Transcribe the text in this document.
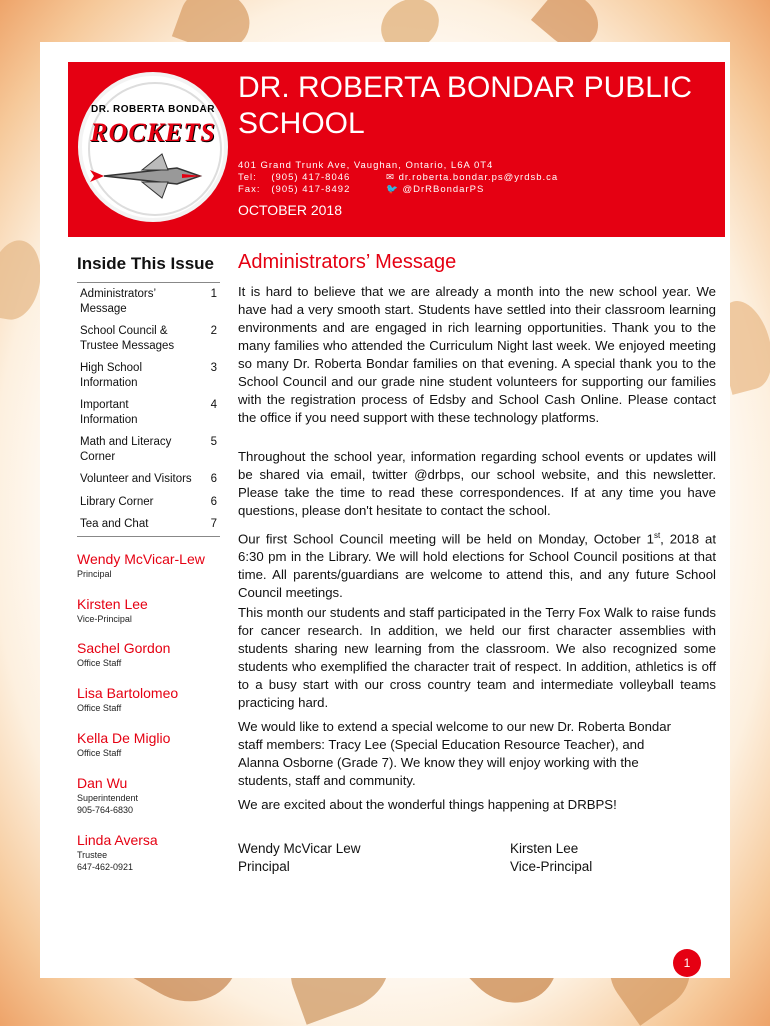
DR. ROBERTA BONDAR
ROCKETS
DR. ROBERTA BONDAR PUBLIC SCHOOL
401 Grand Trunk Ave, Vaughan, Ontario, L6A 0T4
Tel:    (905) 417-8046
Fax:   (905) 417-8492
✉ dr.roberta.bondar.ps@yrdsb.ca
🐦 @DrRBondarPS
OCTOBER 2018
Inside This Issue
Administrators’ Message
1
School Council & Trustee Messages
2
High School Information
3
Important Information
4
Math and Literacy Corner
5
Volunteer and Visitors	6
Library Corner	6
Tea and Chat	7
Wendy McVicar-Lew
Principal
Kirsten Lee
Vice-Principal
Sachel Gordon
Office Staff
Lisa Bartolomeo
Office Staff
Kella De Miglio
Office Staff
Dan Wu
Superintendent
905-764-6830
Linda Aversa
Trustee
647-462-0921
Administrators’ Message
It is hard to believe that we are already a month into the new school year. We have had a very smooth start. Students have settled into their classroom learning environments and are engaged in rich learning opportunities. Thank you to the many families who attended the Curriculum Night last week. We enjoyed meeting so many Dr. Roberta Bondar families on that evening. A special thank you to the School Council and our grade nine student volunteers for supporting our families with the registration process of Edsby and School Cash Online. Please contact the office if you need support with these technology platforms.
Throughout the school year, information regarding school events or updates will be shared via email, twitter @drbps, our school website, and this newsletter. Please take the time to read these correspondences. If at any time you have questions, please don't hesitate to contact the school.
Our first School Council meeting will be held on Monday, October 1st, 2018 at 6:30 pm in the Library. We will hold elections for School Council positions at that time. All parents/guardians are welcome to attend this, and any future School Council meetings.
This month our students and staff participated in the Terry Fox Walk to raise funds for cancer research. In addition, we held our first character assemblies with students sharing new learning from the classroom. We also recognized some students who exemplified the character trait of respect. In addition, athletics is off to a busy start with our cross country team and intermediate volleyball teams practicing hard.
We would like to extend a special welcome to our new Dr. Roberta Bondar staff members: Tracy Lee (Special Education Resource Teacher), and Alanna Osborne (Grade 7). We know they will enjoy working with the students, staff and community.
We are excited about the wonderful things happening at DRBPS!
Wendy McVicar Lew
Principal
Kirsten Lee
Vice-Principal
1
